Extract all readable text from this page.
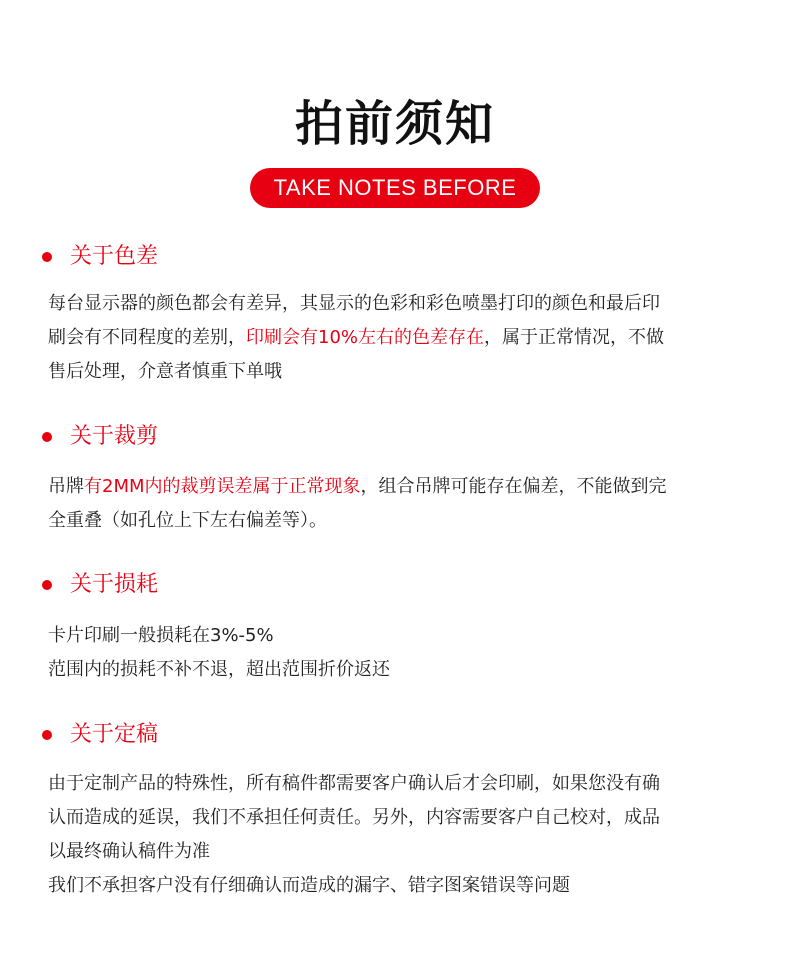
拍前须知
TAKE NOTES BEFORE
关于色差
每台显示器的颜色都会有差异，其显示的色彩和彩色喷墨打印的颜色和最后印
刷会有不同程度的差别，印刷会有10%左右的色差存在，属于正常情况，不做
售后处理，介意者慎重下单哦
关于裁剪
吊牌有2MM内的裁剪误差属于正常现象，组合吊牌可能存在偏差，不能做到完
全重叠（如孔位上下左右偏差等）。
关于损耗
卡片印刷一般损耗在3%-5%
范围内的损耗不补不退，超出范围折价返还
关于定稿
由于定制产品的特殊性，所有稿件都需要客户确认后才会印刷，如果您没有确
认而造成的延误，我们不承担任何责任。另外，内容需要客户自己校对，成品
以最终确认稿件为准
我们不承担客户没有仔细确认而造成的漏字、错字图案错误等问题
